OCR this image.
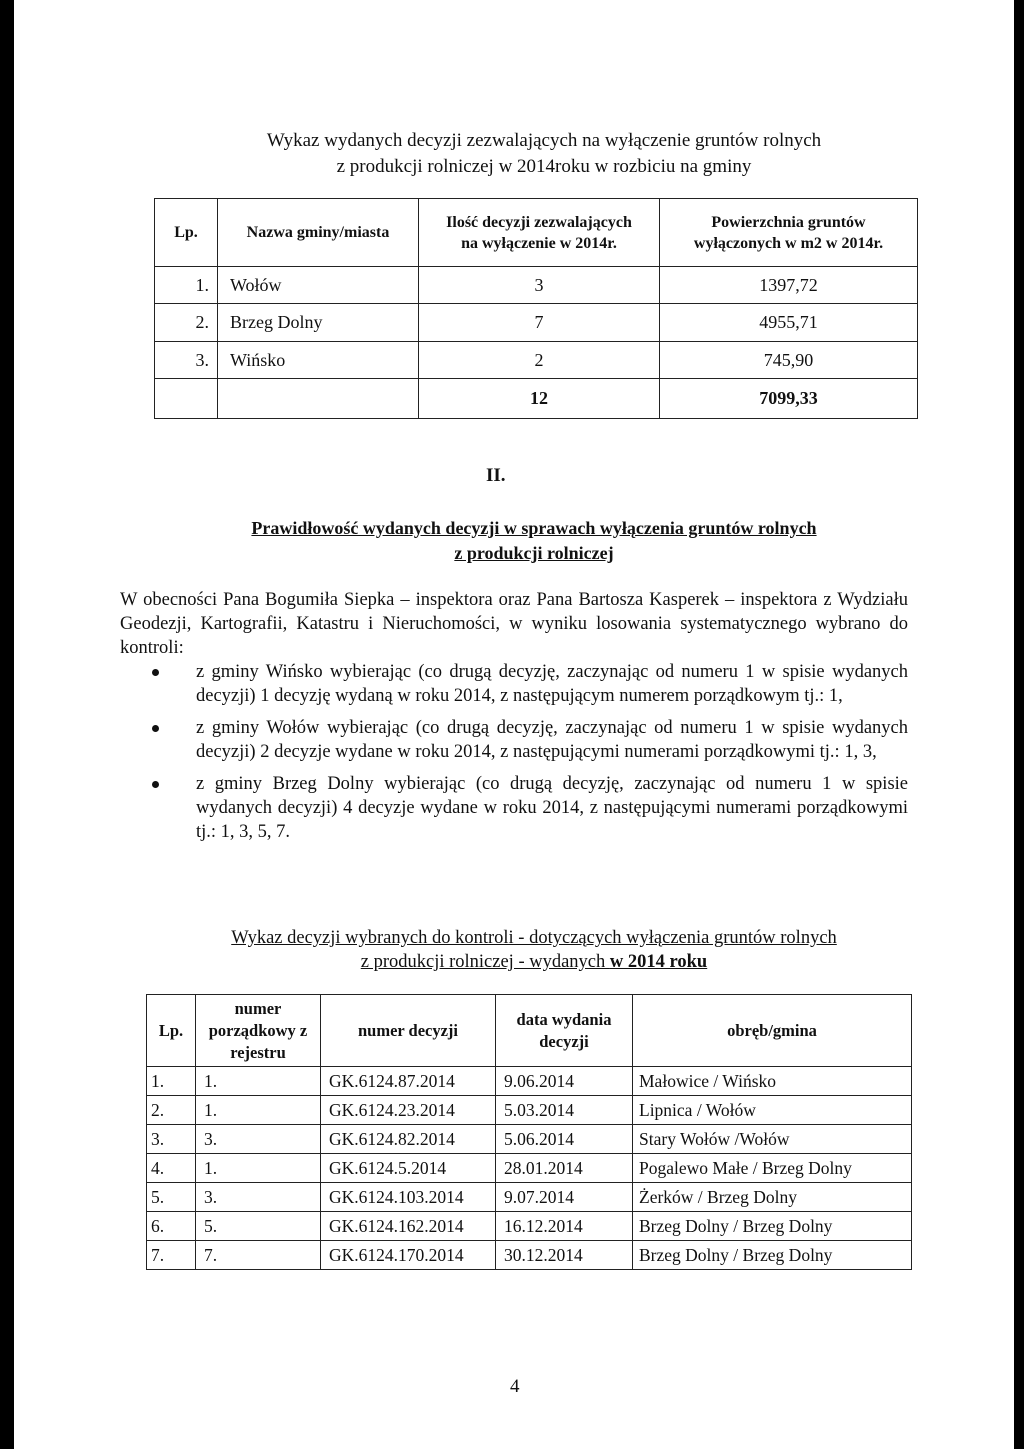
Wykaz wydanych decyzji zezwalających na wyłączenie gruntów rolnych
z produkcji rolniczej w 2014roku w rozbiciu na gminy
Lp.	Nazwa gminy/miasta	Ilość decyzji zezwalających na wyłączenie w 2014r.	Powierzchnia gruntów wyłączonych w m2 w 2014r.
1.	Wołów	3	1397,72
2.	Brzeg Dolny	7	4955,71
3.	Wińsko	2	745,90
		12	7099,33
II.
Prawidłowość wydanych decyzji w sprawach wyłączenia gruntów rolnych
z produkcji rolniczej
W obecności Pana Bogumiła Siepka – inspektora oraz Pana Bartosza Kasperek – inspektora z Wydziału Geodezji, Kartografii, Katastru i Nieruchomości, w wyniku losowania systematycznego wybrano do kontroli:
z gminy Wińsko wybierając (co drugą decyzję, zaczynając od numeru 1 w spisie wydanych decyzji) 1 decyzję wydaną w roku 2014, z następującym numerem porządkowym tj.: 1,
z gminy Wołów wybierając (co drugą decyzję, zaczynając od numeru 1 w spisie wydanych decyzji) 2 decyzje wydane w roku 2014, z następującymi numerami porządkowymi tj.: 1, 3,
z gminy Brzeg Dolny wybierając (co drugą decyzję, zaczynając od numeru 1 w spisie wydanych decyzji) 4 decyzje wydane w roku 2014, z następującymi numerami porządkowymi tj.: 1, 3, 5, 7.
Wykaz decyzji wybranych do kontroli - dotyczących wyłączenia gruntów rolnych
z produkcji rolniczej - wydanych w 2014 roku
Lp.	numer porządkowy z rejestru	numer decyzji	data wydania decyzji	obręb/gmina
1.	1.	GK.6124.87.2014	9.06.2014	Małowice / Wińsko
2.	1.	GK.6124.23.2014	5.03.2014	Lipnica / Wołów
3.	3.	GK.6124.82.2014	5.06.2014	Stary Wołów /Wołów
4.	1.	GK.6124.5.2014	28.01.2014	Pogalewo Małe / Brzeg Dolny
5.	3.	GK.6124.103.2014	9.07.2014	Żerków / Brzeg Dolny
6.	5.	GK.6124.162.2014	16.12.2014	Brzeg Dolny / Brzeg Dolny
7.	7.	GK.6124.170.2014	30.12.2014	Brzeg Dolny / Brzeg Dolny
4
